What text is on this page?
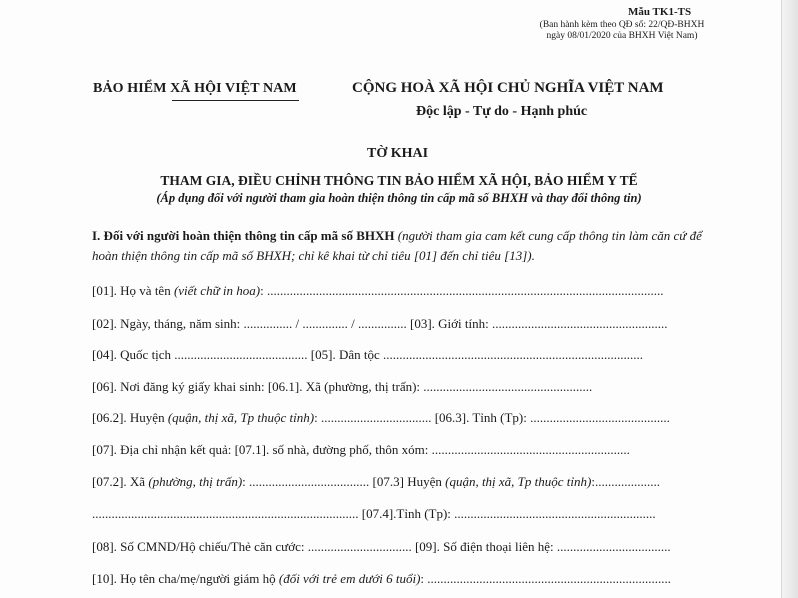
Mẫu TK1-TS
(Ban hành kèm theo QĐ số: 22/QĐ-BHXH
ngày 08/01/2020 của BHXH Việt Nam)
BẢO HIỂM XÃ HỘI VIỆT NAM	CỘNG HOÀ XÃ HỘI CHỦ NGHĨA VIỆT NAM
Độc lập - Tự do - Hạnh phúc
TỜ KHAI
THAM GIA, ĐIỀU CHỈNH THÔNG TIN BẢO HIỂM XÃ HỘI, BẢO HIỂM Y TẾ
(Áp dụng đối với người tham gia hoàn thiện thông tin cấp mã số BHXH và thay đổi thông tin)
I. Đối với người hoàn thiện thông tin cấp mã số BHXH (người tham gia cam kết cung cấp thông tin làm căn cứ để hoàn thiện thông tin cấp mã số BHXH; chỉ kê khai từ chỉ tiêu [01] đến chỉ tiêu [13]).
[01]. Họ và tên (viết chữ in hoa): ..........................................................................................................................
[02]. Ngày, tháng, năm sinh: ............... / .............. / ............... [03]. Giới tính: ......................................................
[04]. Quốc tịch ......................................... [05]. Dân tộc ................................................................................
[06]. Nơi đăng ký giấy khai sinh: [06.1]. Xã (phường, thị trấn): ....................................................
[06.2]. Huyện (quận, thị xã, Tp thuộc tỉnh): .................................. [06.3]. Tỉnh (Tp): ...........................................
[07]. Địa chỉ nhận kết quả: [07.1]. số nhà, đường phố, thôn xóm: .............................................................
[07.2]. Xã (phường, thị trấn): ..................................... [07.3] Huyện (quận, thị xã, Tp thuộc tỉnh):....................
.................................................................................. [07.4].Tỉnh (Tp): ..............................................................
[08]. Số CMND/Hộ chiếu/Thẻ căn cước: ................................ [09]. Số điện thoại liên hệ: ...................................
[10]. Họ tên cha/mẹ/người giám hộ (đối với trẻ em dưới 6 tuổi): ...........................................................................
